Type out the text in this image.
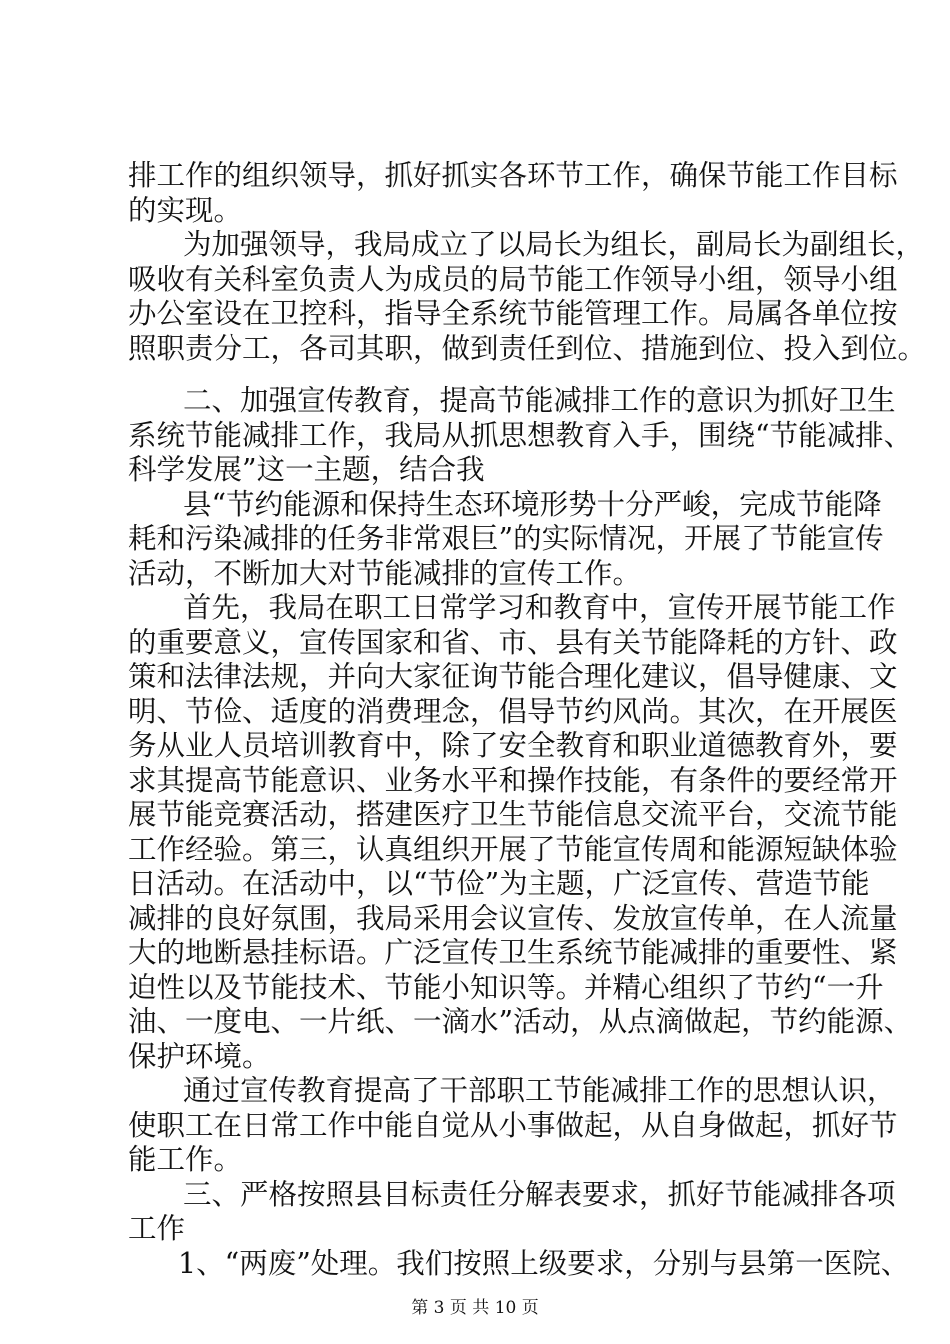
排工作的组织领导，抓好抓实各环节工作，确保节能工作目标
的实现。
为加强领导，我局成立了以局长为组长，副局长为副组长，
吸收有关科室负责人为成员的局节能工作领导小组，领导小组
办公室设在卫控科，指导全系统节能管理工作。局属各单位按
照职责分工，各司其职，做到责任到位、措施到位、投入到位。
二、加强宣传教育，提高节能减排工作的意识为抓好卫生
系统节能减排工作，我局从抓思想教育入手，围绕“节能减排、
科学发展”这一主题，结合我
县“节约能源和保持生态环境形势十分严峻，完成节能降
耗和污染减排的任务非常艰巨”的实际情况，开展了节能宣传
活动，不断加大对节能减排的宣传工作。
首先，我局在职工日常学习和教育中，宣传开展节能工作
的重要意义，宣传国家和省、市、县有关节能降耗的方针、政
策和法律法规，并向大家征询节能合理化建议，倡导健康、文
明、节俭、适度的消费理念，倡导节约风尚。其次，在开展医
务从业人员培训教育中，除了安全教育和职业道德教育外，要
求其提高节能意识、业务水平和操作技能，有条件的要经常开
展节能竞赛活动，搭建医疗卫生节能信息交流平台，交流节能
工作经验。第三，认真组织开展了节能宣传周和能源短缺体验
日活动。在活动中，以“节俭”为主题，广泛宣传、营造节能
减排的良好氛围，我局采用会议宣传、发放宣传单，在人流量
大的地断悬挂标语。广泛宣传卫生系统节能减排的重要性、紧
迫性以及节能技术、节能小知识等。并精心组织了节约“一升
油、一度电、一片纸、一滴水”活动，从点滴做起，节约能源、
保护环境。
通过宣传教育提高了干部职工节能减排工作的思想认识，
使职工在日常工作中能自觉从小事做起，从自身做起，抓好节
能工作。
三、严格按照县目标责任分解表要求，抓好节能减排各项
工作
1、“两废”处理。我们按照上级要求，分别与县第一医院、
第 3 页 共 10 页
